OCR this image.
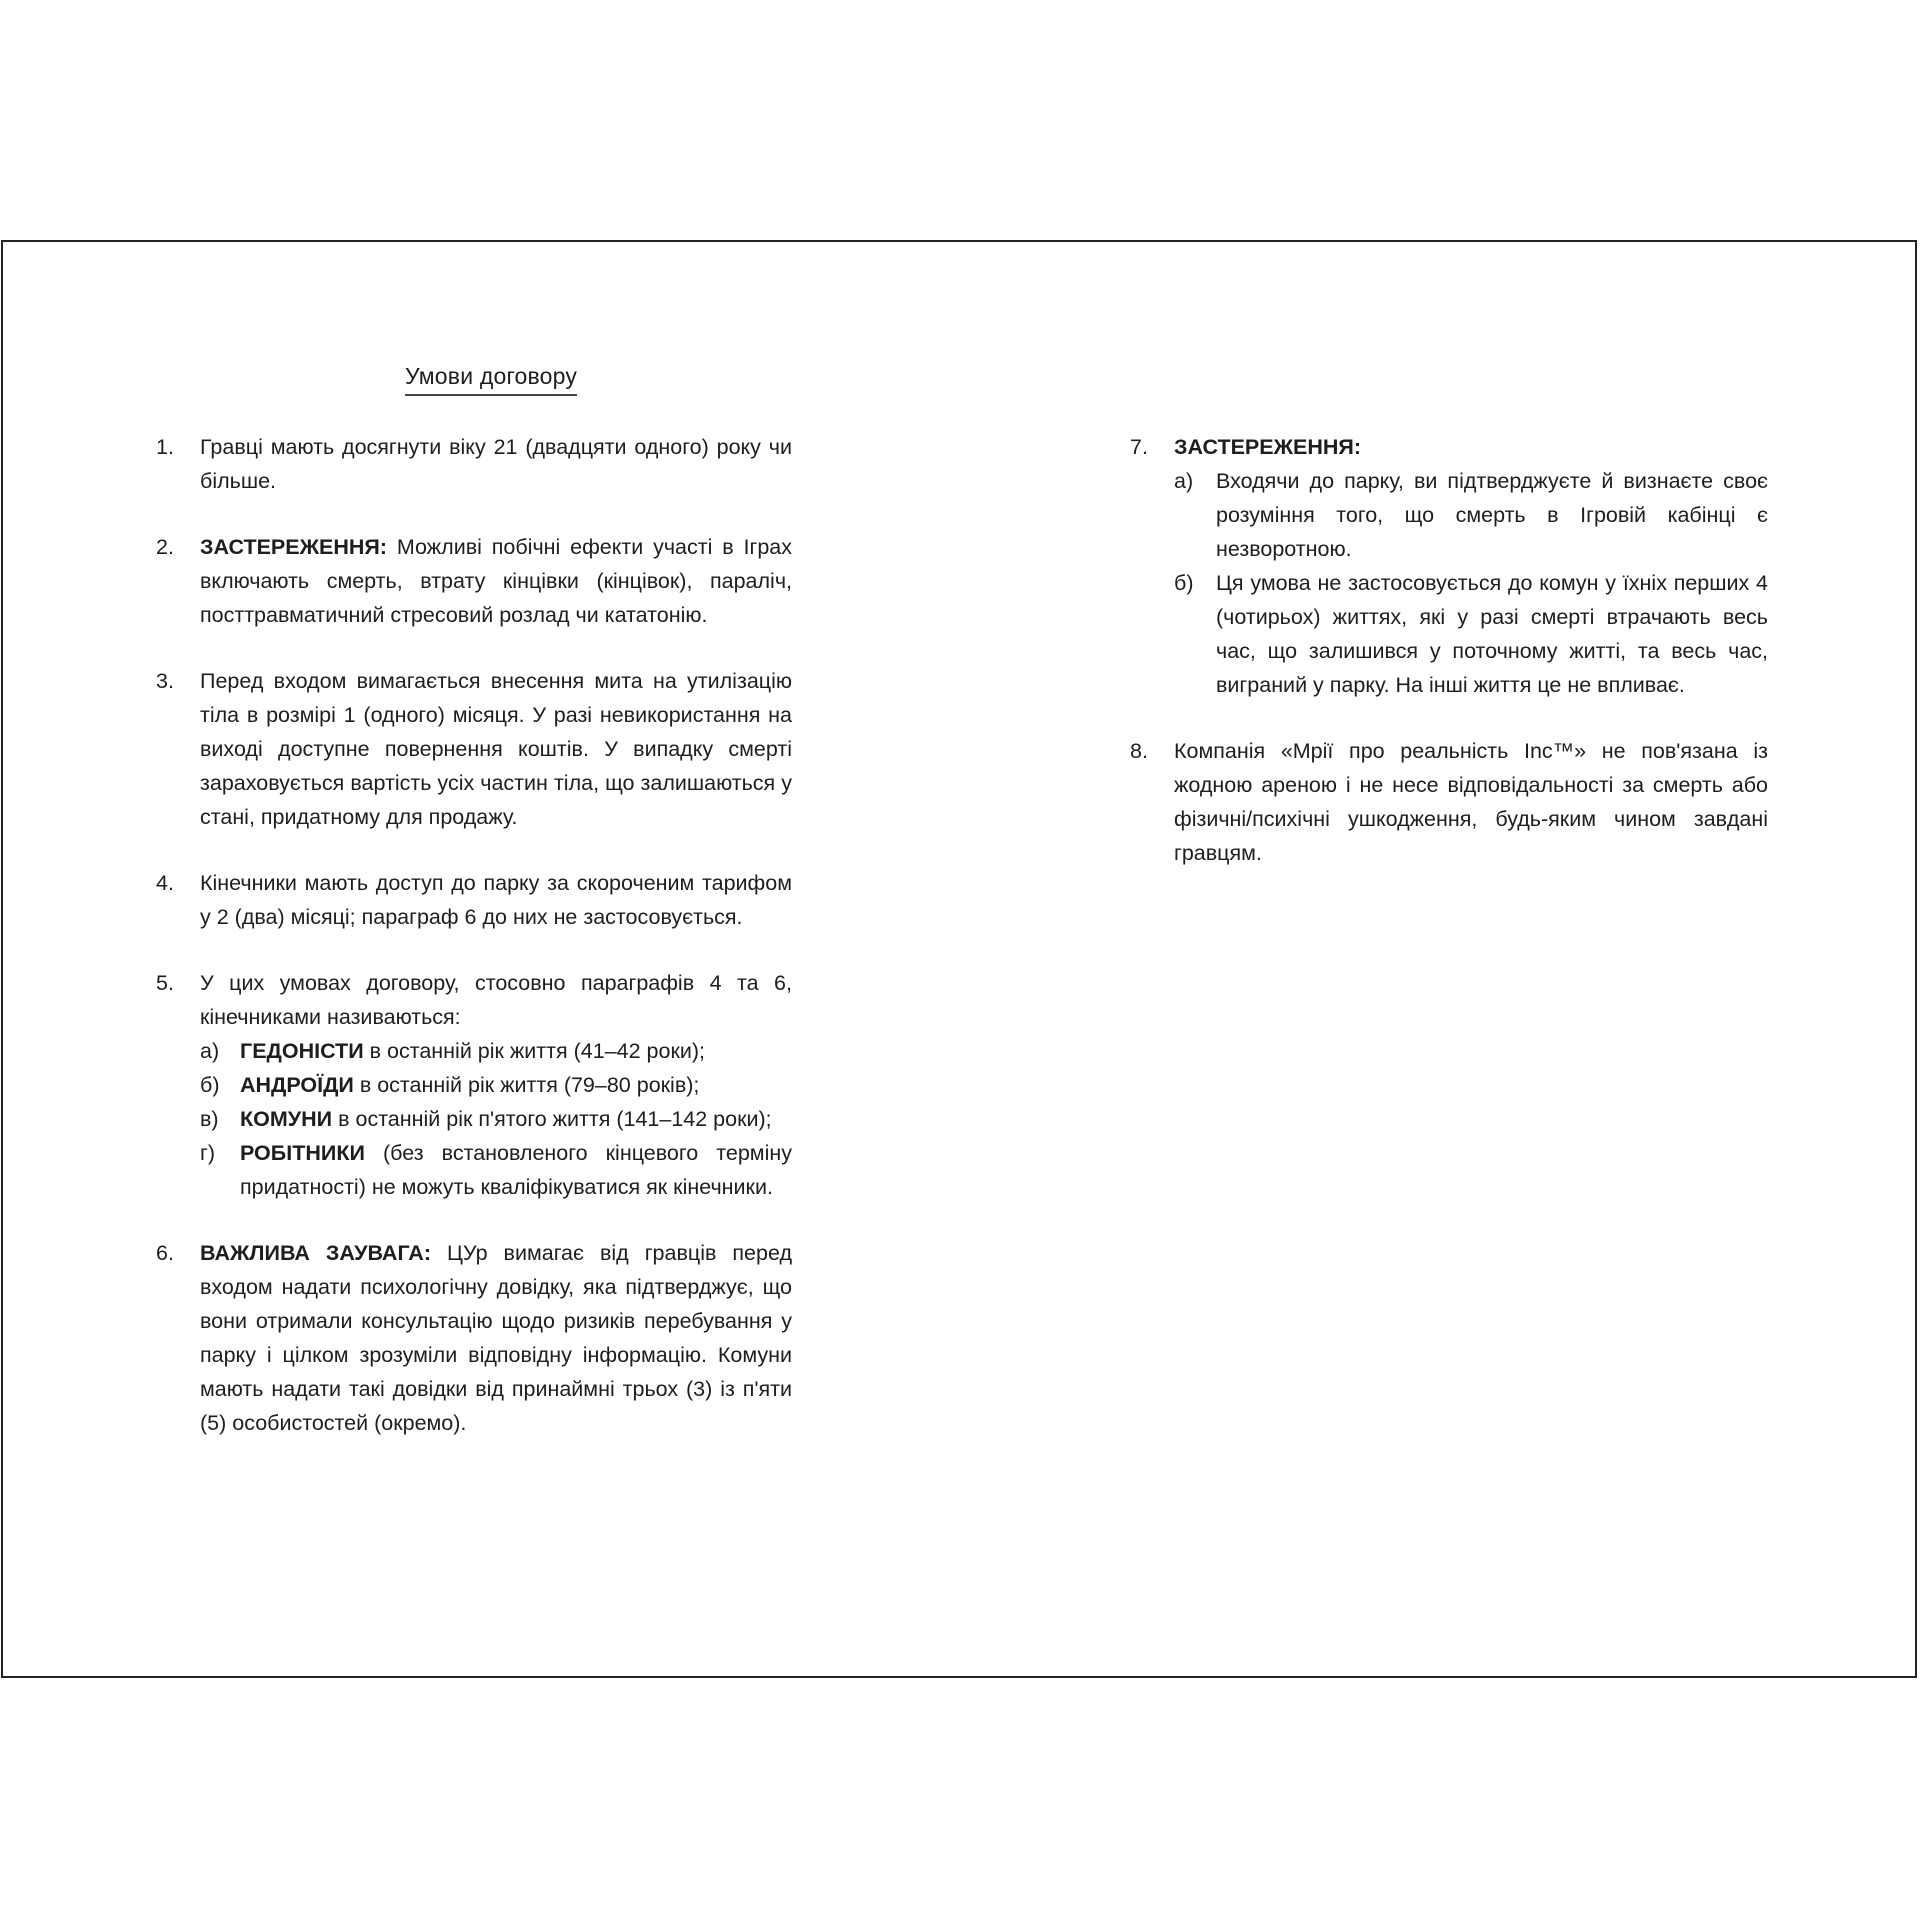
Умови договору
1.	Гравці мають досягнути віку 21 (двадцяти одного) року чи більше.
2.	ЗАСТЕРЕЖЕННЯ: Можливі побічні ефекти участі в Іграх включають смерть, втрату кінцівки (кінцівок), параліч, посттравматичний стресовий розлад чи кататонію.
3.	Перед входом вимагається внесення мита на утилізацію тіла в розмірі 1 (одного) місяця. У разі невикористання на виході доступне повернення коштів. У випадку смерті зараховується вартість усіх частин тіла, що залишаються у стані, придатному для продажу.
4.	Кінечники мають доступ до парку за скороченим тарифом у 2 (два) місяці; параграф 6 до них не застосовується.
5.	У цих умовах договору, стосовно параграфів 4 та 6, кінечниками називаються:
а) ГЕДОНІСТИ в останній рік життя (41–42 роки);
б) АНДРОЇДИ в останній рік життя (79–80 років);
в) КОМУНИ в останній рік п'ятого життя (141–142 роки);
г)	РОБІТНИКИ (без встановленого кінцевого терміну придатності) не можуть кваліфікуватися як кінечники.
6.	ВАЖЛИВА ЗАУВАГА: ЦУр вимагає від гравців перед входом надати психологічну довідку, яка підтверджує, що вони отримали консультацію щодо ризиків перебування у парку і цілком зрозуміли відповідну інформацію. Комуни мають надати такі довідки від принаймні трьох (3) із п'яти (5) особистостей (окремо).
7.	ЗАСТЕРЕЖЕННЯ:
а)	Входячи до парку, ви підтверджуєте й визнаєте своє розуміння того, що смерть в Ігровій кабінці є незворотною.
б)	Ця умова не застосовується до комун у їхніх перших 4 (чотирьох) життях, які у разі смерті втрачають весь час, що залишився у поточному житті, та весь час, виграний у парку. На інші життя це не впливає.
8.	Компанія «Мрії про реальність Inc™» не пов'язана із жодною ареною і не несе відповідальності за смерть або фізичні/психічні ушкодження, будь-яким чином завдані гравцям.
